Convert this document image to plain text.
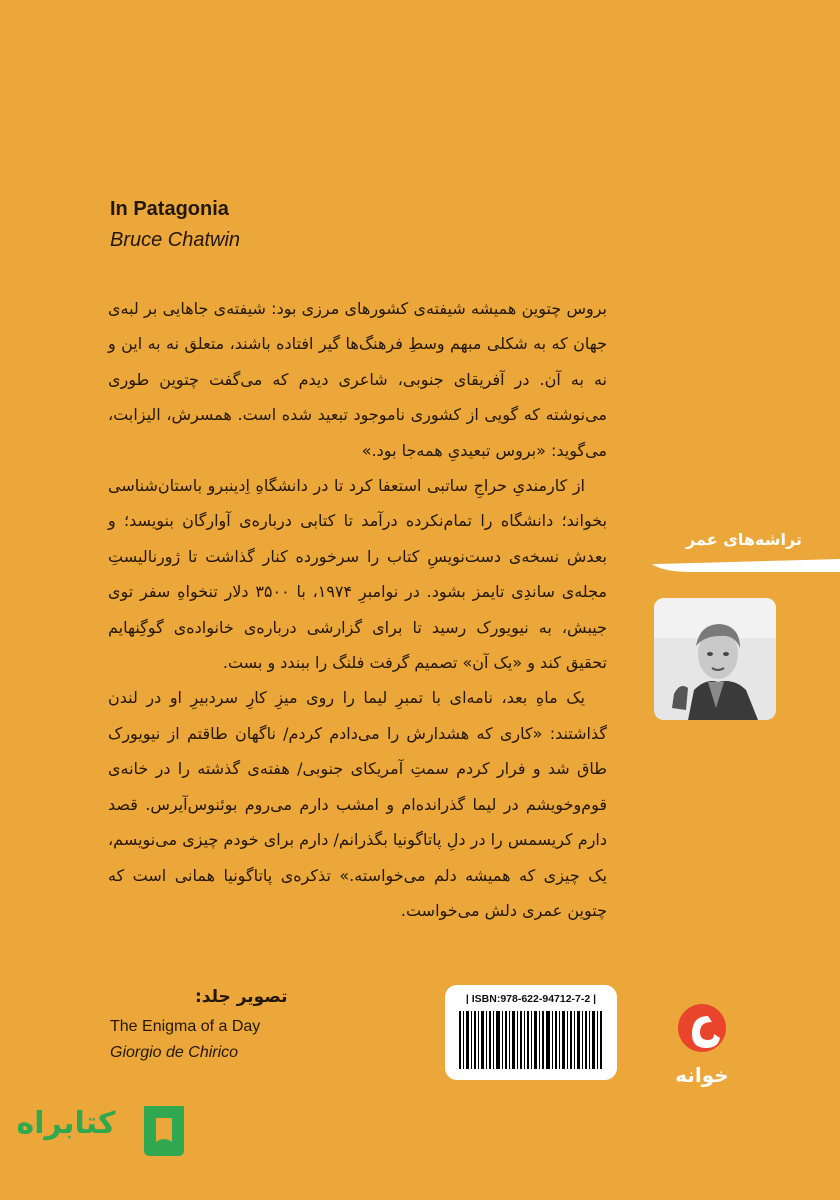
In Patagonia
Bruce Chatwin

بروس چتوین همیشه شیفته‌ی کشورهای مرزی بود: شیفته‌ی جاهایی بر لبه‌ی جهان که به شکلی مبهم وسطِ فرهنگ‌ها گیر افتاده باشند، متعلق نه به این و نه به آن. در آفریقای جنوبی، شاعری دیدم که می‌گفت چتوین طوری می‌نوشته که گویی از کشوری ناموجود تبعید شده است. همسرش، الیزابت، می‌گوید: «بروس تبعیدیِ همه‌جا بود.»

از کارمندیِ حراجِ ساتبی استعفا کرد تا در دانشگاهِ اِدینبرو باستان‌شناسی بخواند؛ دانشگاه را تمام‌نکرده درآمد تا کتابی درباره‌ی آوارگان بنویسد؛ و بعدش نسخه‌ی دست‌نویسِ کتاب را سرخورده کنار گذاشت تا ژورنالیستِ مجله‌ی ساندِی تایمز بشود. در نوامبرِ ۱۹۷۴، با ۳۵۰۰ دلار تنخواهِ سفر توی جیبش، به نیویورک رسید تا برای گزارشی درباره‌ی خانواده‌ی گوگِنهایم تحقیق کند و «یک آن» تصمیم گرفت فلنگ را ببندد و بست.

یک ماهِ بعد، نامه‌ای با تمبرِ لیما را روی میزِ کارِ سردبیرِ او در لندن گذاشتند: «کاری که هشدارش را می‌دادم کردم/ ناگهان طاقتم از نیویورک طاق شد و فرار کردم سمتِ آمریکای جنوبی/ هفته‌ی گذشته را در خانه‌ی قوم‌وخویشم در لیما گذرانده‌ام و امشب دارم می‌روم بوئنوس‌آیرس. قصد دارم کریسمس را در دلِ پاتاگونیا بگذرانم/ دارم برای خودم چیزی می‌نویسم، یک چیزی که همیشه دلم می‌خواسته.» تذکره‌ی پاتاگونیا همانی است که چتوین عمری دلش می‌خواست.

تراشه‌های عمر
تصویر جلد:
The Enigma of a Day
Giorgio de Chirico
| ISBN:978-622-94712-7-2 |
خوانه
کتابراه
